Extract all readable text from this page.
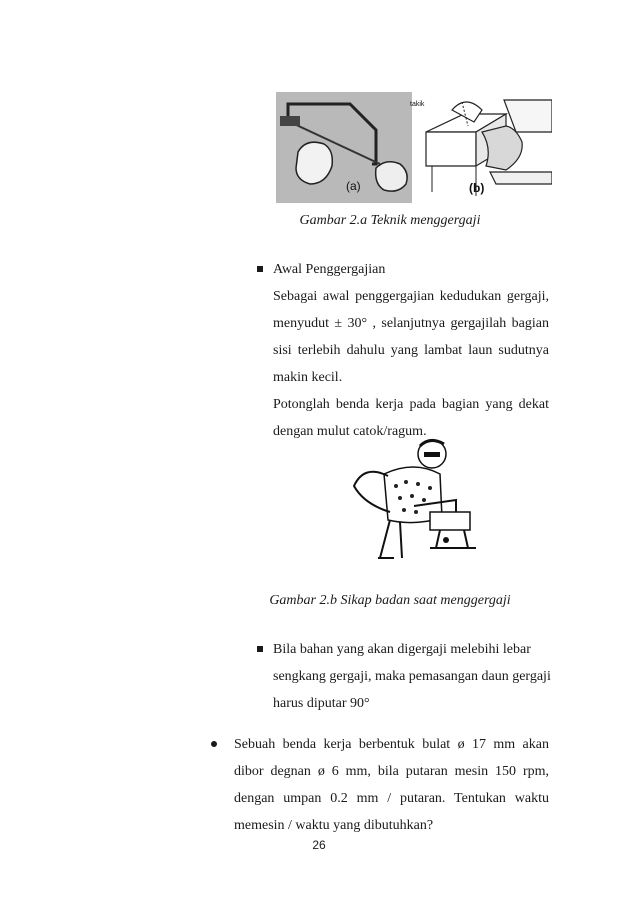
(a)
takik
(b)
Gambar 2.a Teknik menggergaji
Awal Penggergajian
Sebagai awal penggergajian kedudukan gergaji, menyudut ± 30° , selanjutnya gergajilah bagian sisi terlebih dahulu yang lambat laun sudutnya makin kecil.
Potonglah benda kerja pada bagian yang dekat dengan mulut catok/ragum.
Gambar 2.b Sikap badan saat menggergaji
Bila bahan yang akan digergaji melebihi lebar sengkang gergaji, maka pemasangan daun gergaji harus diputar 90°
Sebuah benda kerja berbentuk bulat ø 17 mm akan dibor degnan ø 6 mm, bila putaran mesin 150 rpm, dengan umpan 0.2 mm / putaran. Tentukan waktu memesin / waktu yang dibutuhkan?
26
